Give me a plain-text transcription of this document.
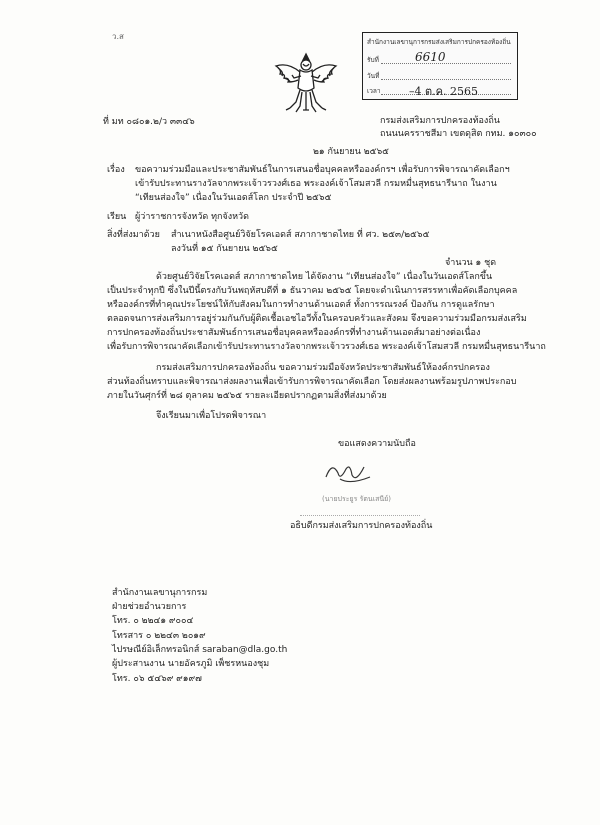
ว.ส
สำนักงานเลขานุการกรมส่งเสริมการปกครองท้องถิ่น
รับที่	6610
วันที่
เวลา	–4 ต.ค. 2565
ที่ มท ๐๘๐๑.๒/ว ๓๓๔๖	กรมส่งเสริมการปกครองท้องถิ่น
ถนนนครราชสีมา เขตดุสิต กทม. ๑๐๓๐๐
๒๑ กันยายน ๒๕๖๕
เรื่อง ขอความร่วมมือและประชาสัมพันธ์ในการเสนอชื่อบุคคลหรือองค์กรฯ เพื่อรับการพิจารณาคัดเลือกฯ
เข้ารับประทานรางวัลจากพระเจ้าวรวงศ์เธอ พระองค์เจ้าโสมสวลี กรมหมื่นสุทธนารีนาถ ในงาน
“เทียนส่องใจ” เนื่องในวันเอดส์โลก ประจำปี ๒๕๖๕
เรียน ผู้ว่าราชการจังหวัด ทุกจังหวัด
สิ่งที่ส่งมาด้วย สำเนาหนังสือศูนย์วิจัยโรคเอดส์ สภากาชาดไทย ที่ ศว. ๒๕๓/๒๕๖๕
ลงวันที่ ๑๕ กันยายน ๒๕๖๕
จำนวน ๑ ชุด
ด้วยศูนย์วิจัยโรคเอดส์ สภากาชาดไทย ได้จัดงาน “เทียนส่องใจ” เนื่องในวันเอดส์โลกขึ้น
เป็นประจำทุกปี ซึ่งในปีนี้ตรงกับวันพฤหัสบดีที่ ๑ ธันวาคม ๒๕๖๕ โดยจะดำเนินการสรรหาเพื่อคัดเลือกบุคคล
หรือองค์กรที่ทำคุณประโยชน์ให้กับสังคมในการทำงานด้านเอดส์ ทั้งการรณรงค์ ป้องกัน การดูแลรักษา
ตลอดจนการส่งเสริมการอยู่ร่วมกันกับผู้ติดเชื้อเอชไอวีทั้งในครอบครัวและสังคม จึงขอความร่วมมือกรมส่งเสริม
การปกครองท้องถิ่นประชาสัมพันธ์การเสนอชื่อบุคคลหรือองค์กรที่ทำงานด้านเอดส์มาอย่างต่อเนื่อง
เพื่อรับการพิจารณาคัดเลือกเข้ารับประทานรางวัลจากพระเจ้าวรวงศ์เธอ พระองค์เจ้าโสมสวลี กรมหมื่นสุทธนารีนาถ
กรมส่งเสริมการปกครองท้องถิ่น ขอความร่วมมือจังหวัดประชาสัมพันธ์ให้องค์กรปกครอง
ส่วนท้องถิ่นทราบและพิจารณาส่งผลงานเพื่อเข้ารับการพิจารณาคัดเลือก โดยส่งผลงานพร้อมรูปภาพประกอบ
ภายในวันศุกร์ที่ ๒๘ ตุลาคม ๒๕๖๕ รายละเอียดปรากฏตามสิ่งที่ส่งมาด้วย
จึงเรียนมาเพื่อโปรดพิจารณา
ขอแสดงความนับถือ
(นายประยูร รัตนเสนีย์)
อธิบดีกรมส่งเสริมการปกครองท้องถิ่น
สำนักงานเลขานุการกรม
ฝ่ายช่วยอำนวยการ
โทร. ๐ ๒๒๔๑ ๙๐๐๔
โทรสาร ๐ ๒๒๔๓ ๒๐๑๙
ไปรษณีย์อิเล็กทรอนิกส์ saraban@dla.go.th
ผู้ประสานงาน นายอัครภูมิ เพ็ชรหนองชุม
โทร. ๐๖ ๕๔๖๙ ๙๑๙๗
